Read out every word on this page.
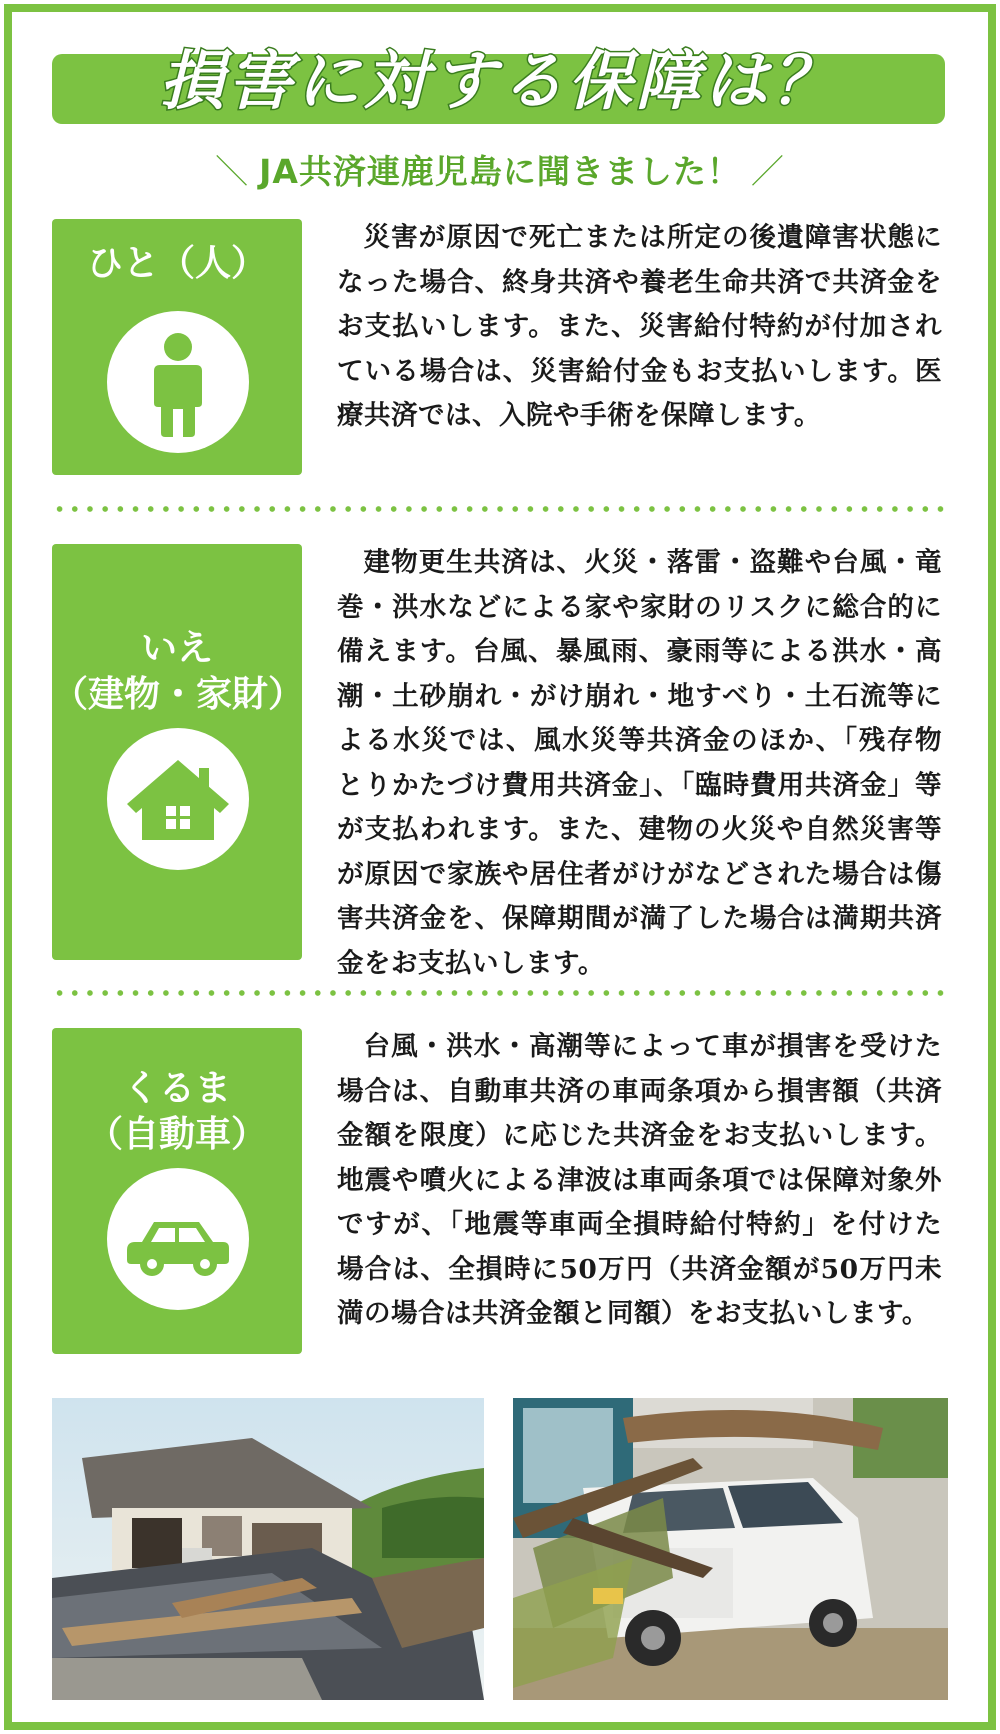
損害に対する保障は？
＼ JA共済連鹿児島に聞きました！ ／
ひと（人）
災害が原因で死亡または所定の後遺障害状態になった場合、終身共済や養老生命共済で共済金をお支払いします。また、災害給付特約が付加されている場合は、災害給付金もお支払いします。医療共済では、入院や手術を保障します。
いえ
（建物・家財）
建物更生共済は、火災・落雷・盗難や台風・竜巻・洪水などによる家や家財のリスクに総合的に備えます。台風、暴風雨、豪雨等による洪水・高潮・土砂崩れ・がけ崩れ・地すべり・土石流等による水災では、風水災等共済金のほか、「残存物とりかたづけ費用共済金」、「臨時費用共済金」等が支払われます。また、建物の火災や自然災害等が原因で家族や居住者がけがなどされた場合は傷害共済金を、保障期間が満了した場合は満期共済金をお支払いします。
くるま
（自動車）
台風・洪水・高潮等によって車が損害を受けた場合は、自動車共済の車両条項から損害額（共済金額を限度）に応じた共済金をお支払いします。地震や噴火による津波は車両条項では保障対象外ですが、「地震等車両全損時給付特約」を付けた場合は、全損時に50万円（共済金額が50万円未満の場合は共済金額と同額）をお支払いします。
